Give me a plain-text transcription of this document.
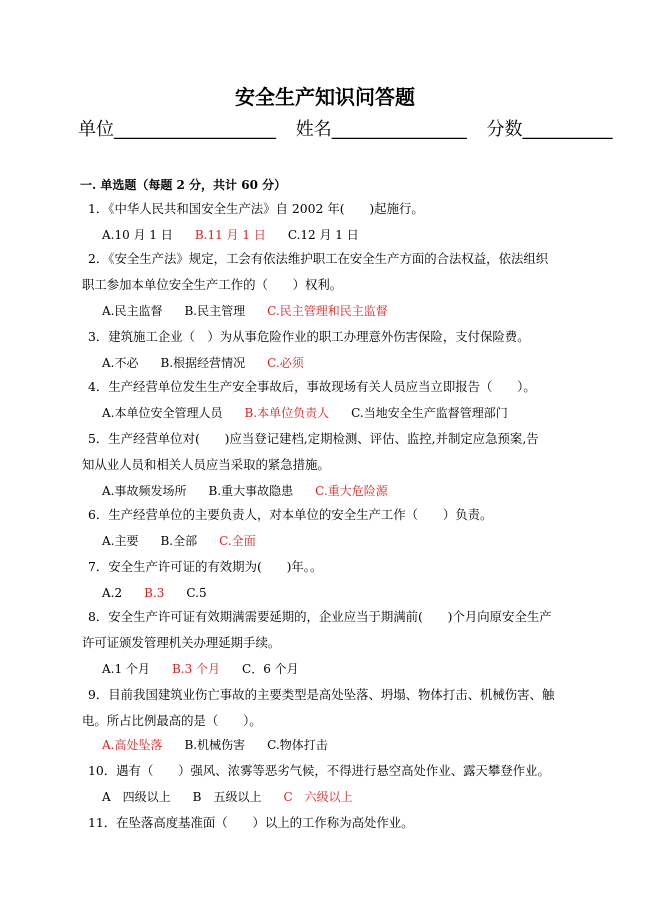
安全生产知识问答题
单位__________________ 姓名_______________ 分数__________
一. 单选题（每题 2 分，共计 60 分）
1．《中华人民共和国安全生产法》自 2002 年(　　)起施行。
A.10 月 1 日 B.11 月 1 日 C.12 月 1 日
2．《安全生产法》规定，工会有依法维护职工在安全生产方面的合法权益，依法组织
职工参加本单位安全生产工作的（　　）权利。
A.民主监督 B.民主管理 C.民主管理和民主监督
3．建筑施工企业（　）为从事危险作业的职工办理意外伤害保险，支付保险费。
A.不必 B.根据经营情况 C.必须
4．生产经营单位发生生产安全事故后，事故现场有关人员应当立即报告（　　）。
A.本单位安全管理人员 B.本单位负责人 C.当地安全生产监督管理部门
5．生产经营单位对(　　)应当登记建档,定期检测、评估、监控,并制定应急预案,告
知从业人员和相关人员应当采取的紧急措施。
A.事故频发场所 B.重大事故隐患 C.重大危险源
6．生产经营单位的主要负责人，对本单位的安全生产工作（　　）负责。
A.主要 B.全部 C.全面
7．安全生产许可证的有效期为(　　)年。。
A.2 B.3 C.5
8．安全生产许可证有效期满需要延期的，企业应当于期满前(　　)个月向原安全生产
许可证颁发管理机关办理延期手续。
A.1 个月 B.3 个月 C．6 个月
9．目前我国建筑业伤亡事故的主要类型是高处坠落、坍塌、物体打击、机械伤害、触
电。所占比例最高的是（　　）。
A.高处坠落 B.机械伤害 C.物体打击
10．遇有（　　）强风、浓雾等恶劣气候，不得进行悬空高处作业、露天攀登作业。
A　四级以上 B　五级以上 C　六级以上
11．在坠落高度基准面（　　）以上的工作称为高处作业。
